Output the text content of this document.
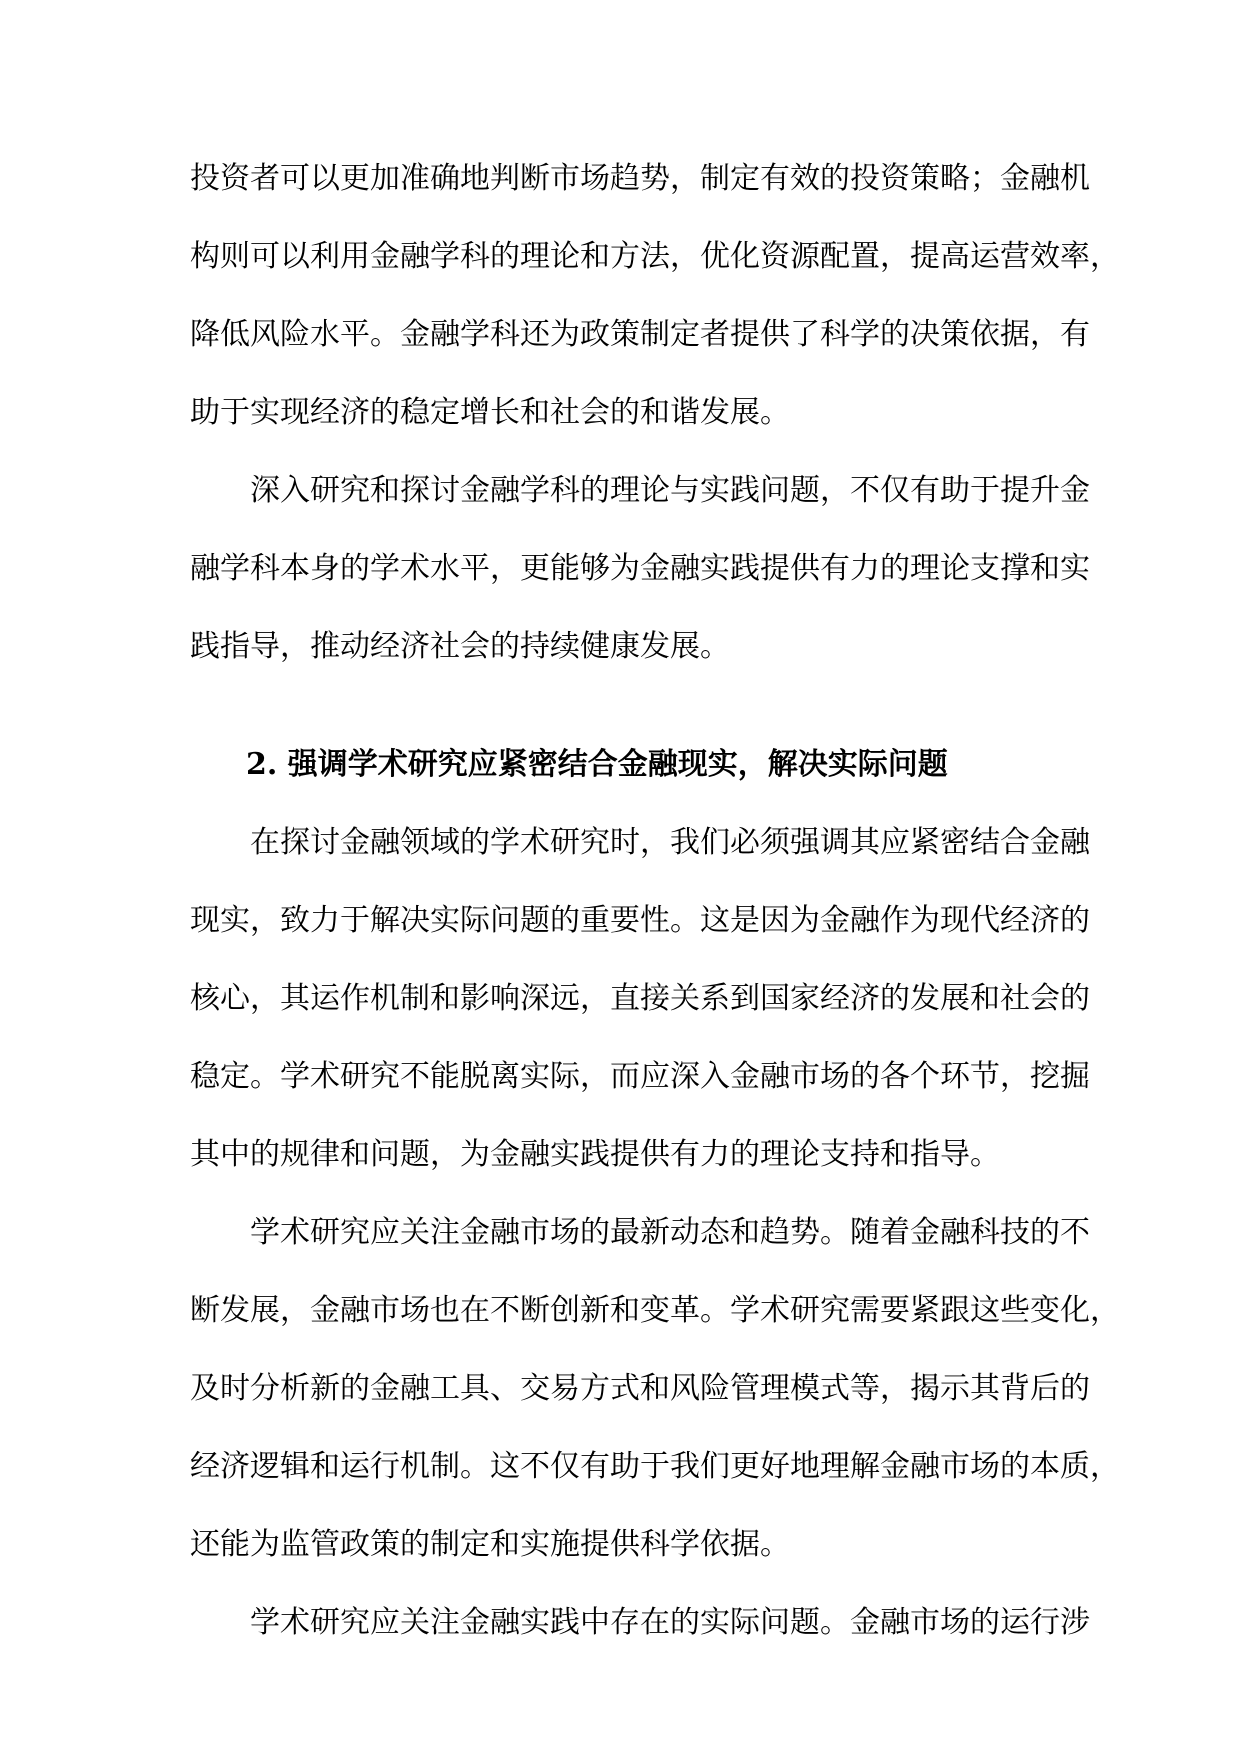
投资者可以更加准确地判断市场趋势，制定有效的投资策略；金融机
构则可以利用金融学科的理论和方法，优化资源配置，提高运营效率，
降低风险水平。金融学科还为政策制定者提供了科学的决策依据，有
助于实现经济的稳定增长和社会的和谐发展。
深入研究和探讨金融学科的理论与实践问题，不仅有助于提升金
融学科本身的学术水平，更能够为金融实践提供有力的理论支撑和实
践指导，推动经济社会的持续健康发展。
2. 强调学术研究应紧密结合金融现实，解决实际问题
在探讨金融领域的学术研究时，我们必须强调其应紧密结合金融
现实，致力于解决实际问题的重要性。这是因为金融作为现代经济的
核心，其运作机制和影响深远，直接关系到国家经济的发展和社会的
稳定。学术研究不能脱离实际，而应深入金融市场的各个环节，挖掘
其中的规律和问题，为金融实践提供有力的理论支持和指导。
学术研究应关注金融市场的最新动态和趋势。随着金融科技的不
断发展，金融市场也在不断创新和变革。学术研究需要紧跟这些变化，
及时分析新的金融工具、交易方式和风险管理模式等，揭示其背后的
经济逻辑和运行机制。这不仅有助于我们更好地理解金融市场的本质，
还能为监管政策的制定和实施提供科学依据。
学术研究应关注金融实践中存在的实际问题。金融市场的运行涉
